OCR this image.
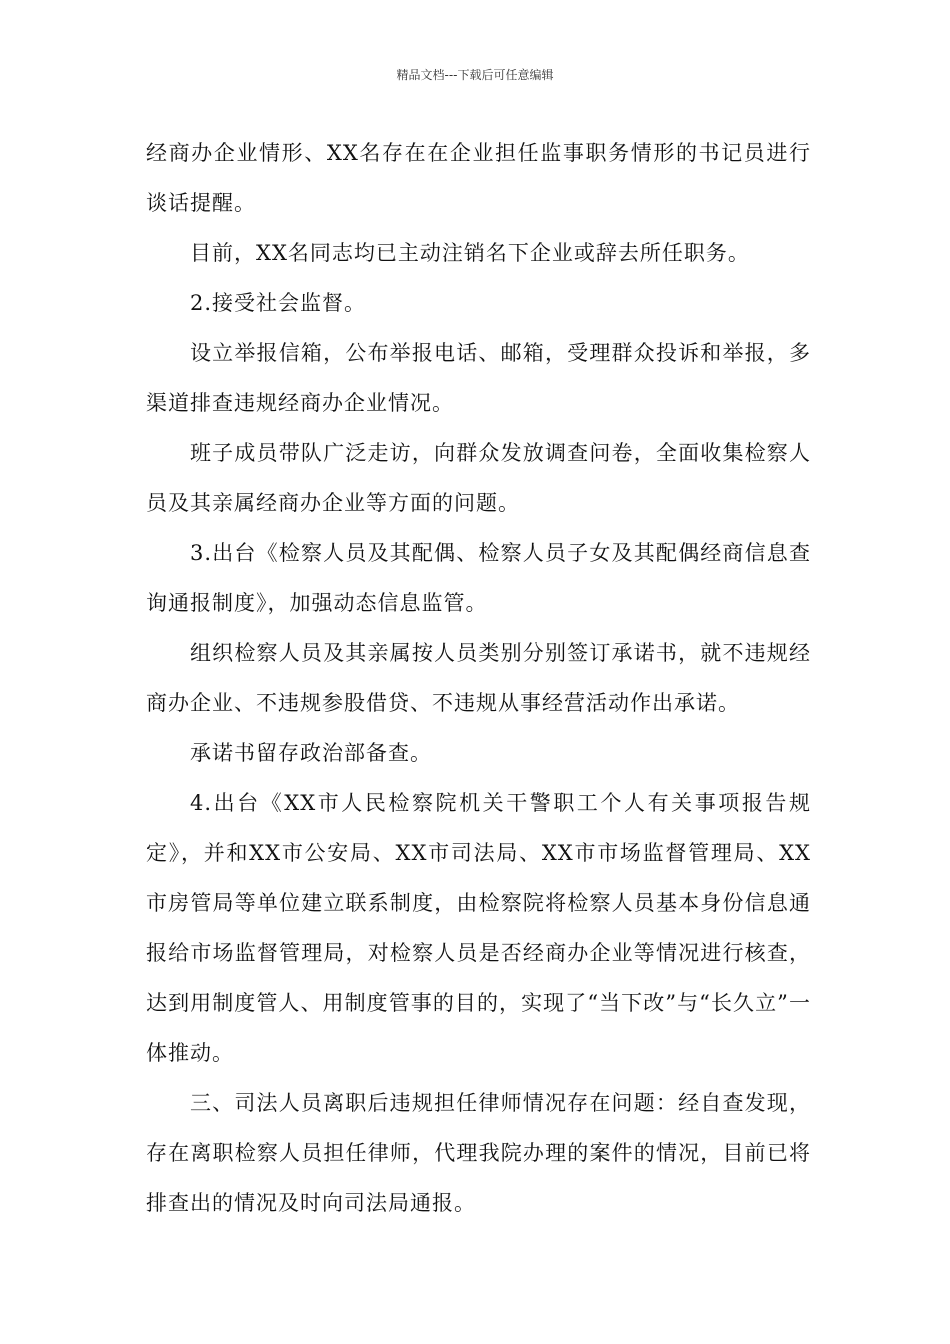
精品文档---下载后可任意编辑

经商办企业情形、XX名存在在企业担任监事职务情形的书记员进行谈话提醒。

目前，XX名同志均已主动注销名下企业或辞去所任职务。

2.接受社会监督。

设立举报信箱，公布举报电话、邮箱，受理群众投诉和举报，多渠道排查违规经商办企业情况。

班子成员带队广泛走访，向群众发放调查问卷，全面收集检察人员及其亲属经商办企业等方面的问题。

3.出台《检察人员及其配偶、检察人员子女及其配偶经商信息查询通报制度》，加强动态信息监管。

组织检察人员及其亲属按人员类别分别签订承诺书，就不违规经商办企业、不违规参股借贷、不违规从事经营活动作出承诺。

承诺书留存政治部备查。

4.出台《XX市人民检察院机关干警职工个人有关事项报告规定》，并和XX市公安局、XX市司法局、XX市市场监督管理局、XX市房管局等单位建立联系制度，由检察院将检察人员基本身份信息通报给市场监督管理局，对检察人员是否经商办企业等情况进行核查，达到用制度管人、用制度管事的目的，实现了“当下改”与“长久立”一体推动。

三、司法人员离职后违规担任律师情况存在问题：经自查发现，存在离职检察人员担任律师，代理我院办理的案件的情况，目前已将排查出的情况及时向司法局通报。
